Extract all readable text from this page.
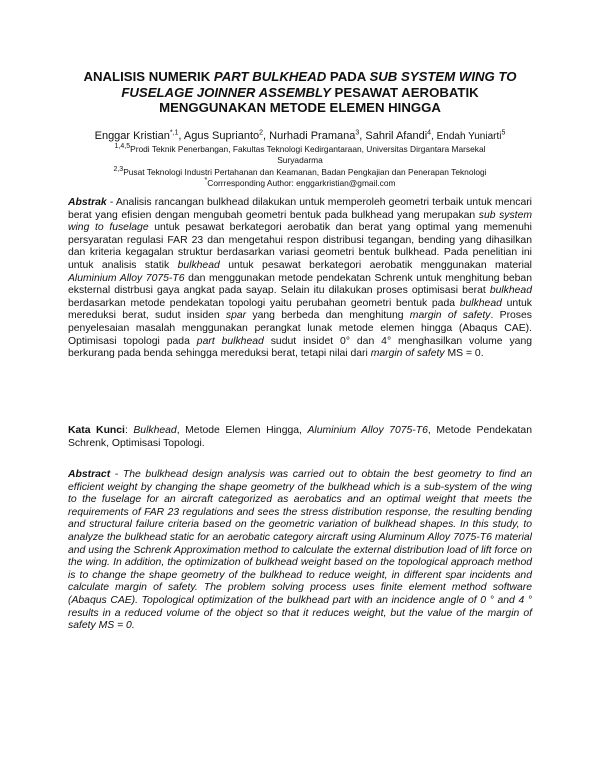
ANALISIS NUMERIK PART BULKHEAD PADA SUB SYSTEM WING TO
FUSELAGE JOINNER ASSEMBLY PESAWAT AEROBATIK
MENGGUNAKAN METODE ELEMEN HINGGA
Enggar Kristian$^{*,1}$, Agus Suprianto$^2$, Nurhadi Pramana$^3$, Sahril Afandi$^4$, Endah Yuniarti$^5$
$^{1,4,5}$Prodi Teknik Penerbangan, Fakultas Teknologi Kedirgantaraan, Universitas Dirgantara Marsekal
Suryadarma
$^{2,3}$Pusat Teknologi Industri Pertahanan dan Keamanan, Badan Pengkajian dan Penerapan Teknologi
*Corrresponding Author: enggarkristian@gmail.com
Abstrak - Analisis rancangan bulkhead dilakukan untuk memperoleh geometri terbaik untuk mencari berat yang efisien dengan mengubah geometri bentuk pada bulkhead yang merupakan sub system wing to fuselage untuk pesawat berkategori aerobatik dan berat yang optimal yang memenuhi persyaratan regulasi FAR 23 dan mengetahui respon distribusi tegangan, bending yang dihasilkan dan kriteria kegagalan struktur berdasarkan variasi geometri bentuk bulkhead. Pada penelitian ini untuk analisis statik bulkhead untuk pesawat berkategori aerobatik menggunakan material Aluminium Alloy 7075-T6 dan menggunakan metode pendekatan Schrenk untuk menghitung beban eksternal distrbusi gaya angkat pada sayap. Selain itu dilakukan proses optimisasi berat bulkhead berdasarkan metode pendekatan topologi yaitu perubahan geometri bentuk pada bulkhead untuk mereduksi berat, sudut insiden spar yang berbeda dan menghitung margin of safety. Proses penyelesaian masalah menggunakan perangkat lunak metode elemen hingga (Abaqus CAE). Optimisasi topologi pada part bulkhead sudut insidet 0° dan 4° menghasilkan volume yang berkurang pada benda sehingga mereduksi berat, tetapi nilai dari margin of safety MS = 0.
Kata Kunci: Bulkhead, Metode Elemen Hingga, Aluminium Alloy 7075-T6, Metode Pendekatan Schrenk, Optimisasi Topologi.
Abstract - The bulkhead design analysis was carried out to obtain the best geometry to find an efficient weight by changing the shape geometry of the bulkhead which is a sub-system of the wing to the fuselage for an aircraft categorized as aerobatics and an optimal weight that meets the requirements of FAR 23 regulations and sees the stress distribution response, the resulting bending and structural failure criteria based on the geometric variation of bulkhead shapes. In this study, to analyze the bulkhead static for an aerobatic category aircraft using Aluminum Alloy 7075-T6 material and using the Schrenk Approximation method to calculate the external distribution load of lift force on the wing. In addition, the optimization of bulkhead weight based on the topological approach method is to change the shape geometry of the bulkhead to reduce weight, in different spar incidents and calculate margin of safety. The problem solving process uses finite element method software (Abaqus CAE). Topological optimization of the bulkhead part with an incidence angle of 0 ° and 4 ° results in a reduced volume of the object so that it reduces weight, but the value of the margin of safety MS = 0.
